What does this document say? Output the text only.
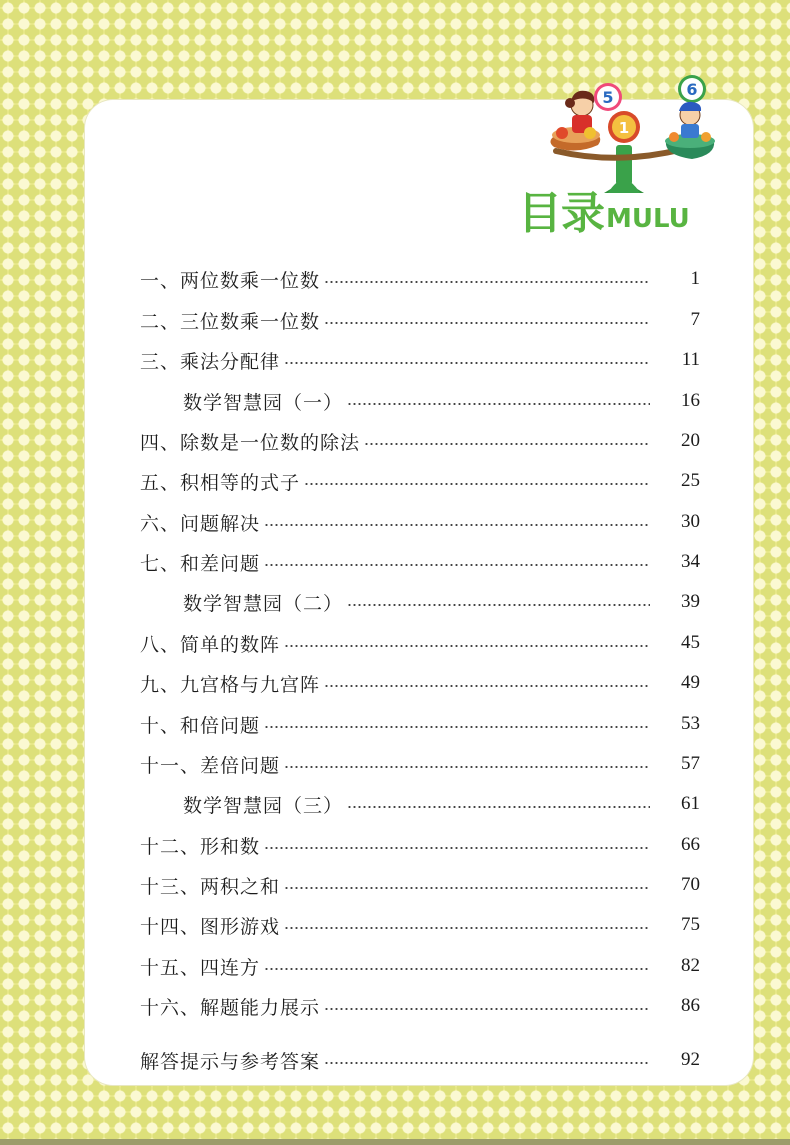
5
1
6
目录 MULU
一、两位数乘一位数	1
二、三位数乘一位数	7
三、乘法分配律	11
数学智慧园（一）	16
四、除数是一位数的除法	20
五、积相等的式子	25
六、问题解决	30
七、和差问题	34
数学智慧园（二）	39
八、简单的数阵	45
九、九宫格与九宫阵	49
十、和倍问题	53
十一、差倍问题	57
数学智慧园（三）	61
十二、形和数	66
十三、两积之和	70
十四、图形游戏	75
十五、四连方	82
十六、解题能力展示	86
解答提示与参考答案	92
